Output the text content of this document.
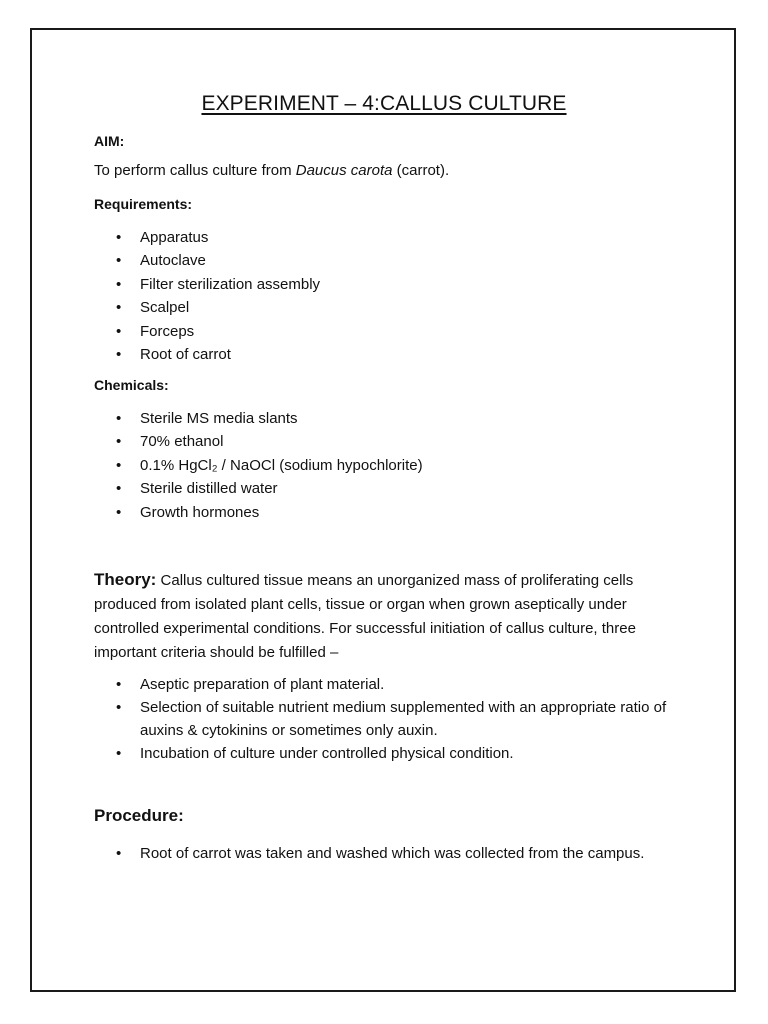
EXPERIMENT – 4:CALLUS CULTURE
AIM:
To perform callus culture from Daucus carota (carrot).
Requirements:
• Apparatus
• Autoclave
• Filter sterilization assembly
• Scalpel
• Forceps
• Root of carrot
Chemicals:
• Sterile MS media slants
• 70% ethanol
• 0.1% HgCl₂ / NaOCl (sodium hypochlorite)
• Sterile distilled water
• Growth hormones
Theory: Callus cultured tissue means an unorganized mass of proliferating cells produced from isolated plant cells, tissue or organ when grown aseptically under controlled experimental conditions. For successful initiation of callus culture, three important criteria should be fulfilled –
• Aseptic preparation of plant material.
• Selection of suitable nutrient medium supplemented with an appropriate ratio of auxins & cytokinins or sometimes only auxin.
• Incubation of culture under controlled physical condition.
Procedure:
• Root of carrot was taken and washed which was collected from the campus.
